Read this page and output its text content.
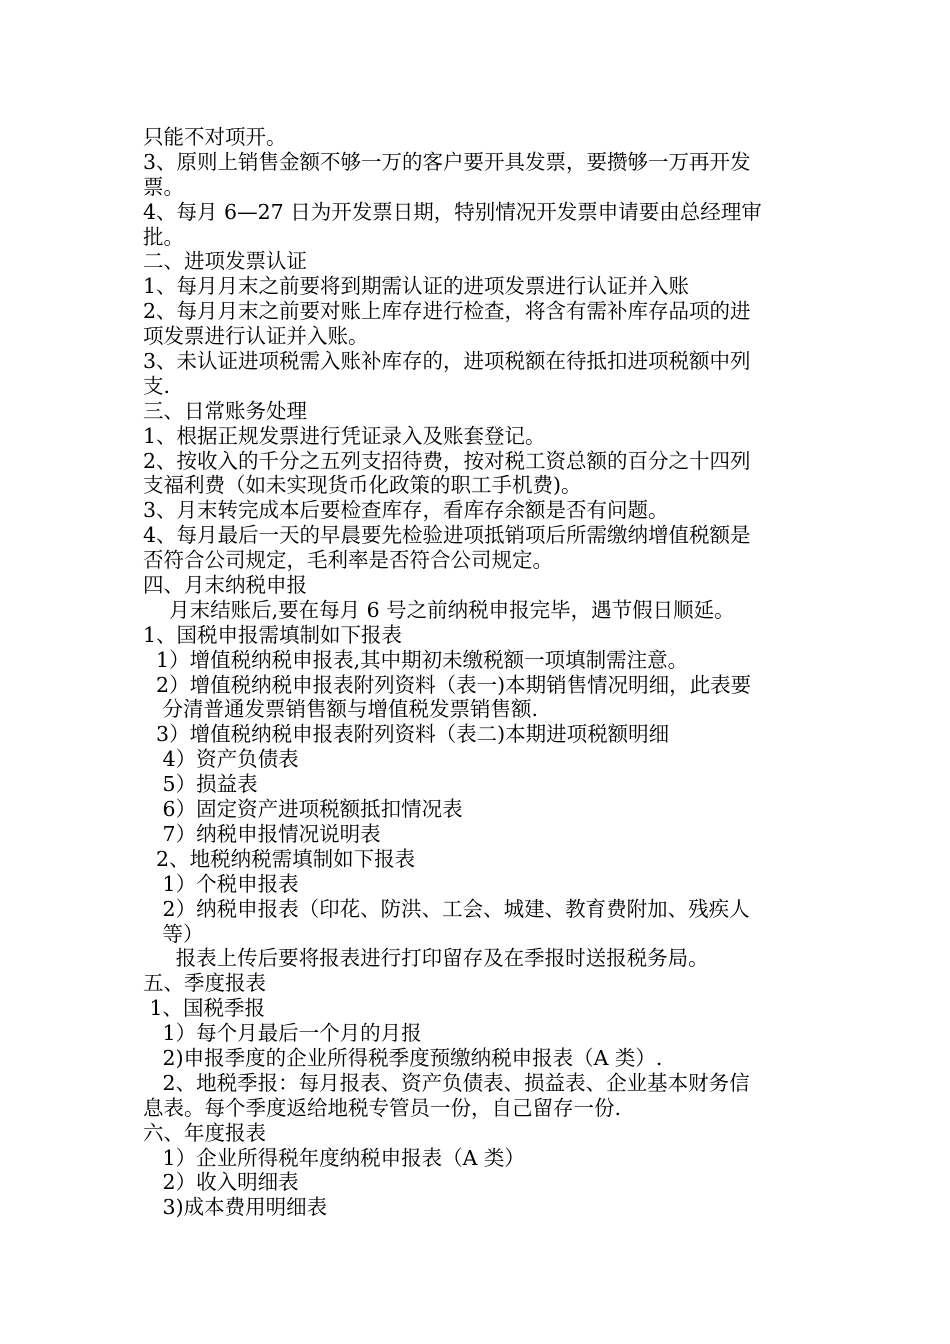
只能不对项开。
3、原则上销售金额不够一万的客户要开具发票，要攒够一万再开发
票。
4、每月 6—27 日为开发票日期，特别情况开发票申请要由总经理审
批。
二、进项发票认证
1、每月月末之前要将到期需认证的进项发票进行认证并入账
2、每月月末之前要对账上库存进行检查，将含有需补库存品项的进
项发票进行认证并入账。
3、未认证进项税需入账补库存的，进项税额在待抵扣进项税额中列
支.
三、日常账务处理
1、根据正规发票进行凭证录入及账套登记。
2、按收入的千分之五列支招待费，按对税工资总额的百分之十四列
支福利费（如未实现货币化政策的职工手机费)。
3、月末转完成本后要检查库存，看库存余额是否有问题。
4、每月最后一天的早晨要先检验进项抵销项后所需缴纳增值税额是
否符合公司规定，毛利率是否符合公司规定。
四、月末纳税申报
月末结账后,要在每月 6 号之前纳税申报完毕，遇节假日顺延。
1、国税申报需填制如下报表
1）增值税纳税申报表,其中期初未缴税额一项填制需注意。
2）增值税纳税申报表附列资料（表一)本期销售情况明细，此表要
分清普通发票销售额与增值税发票销售额.
3）增值税纳税申报表附列资料（表二)本期进项税额明细
4）资产负债表
5）损益表
6）固定资产进项税额抵扣情况表
7）纳税申报情况说明表
2、地税纳税需填制如下报表
1）个税申报表
2）纳税申报表（印花、防洪、工会、城建、教育费附加、残疾人
等）
报表上传后要将报表进行打印留存及在季报时送报税务局。
五、季度报表
1、国税季报
1）每个月最后一个月的月报
2)申报季度的企业所得税季度预缴纳税申报表（A 类）.
2、地税季报：每月报表、资产负债表、损益表、企业基本财务信
息表。每个季度返给地税专管员一份，自己留存一份.
六、年度报表
1）企业所得税年度纳税申报表（A 类）
2）收入明细表
3)成本费用明细表
